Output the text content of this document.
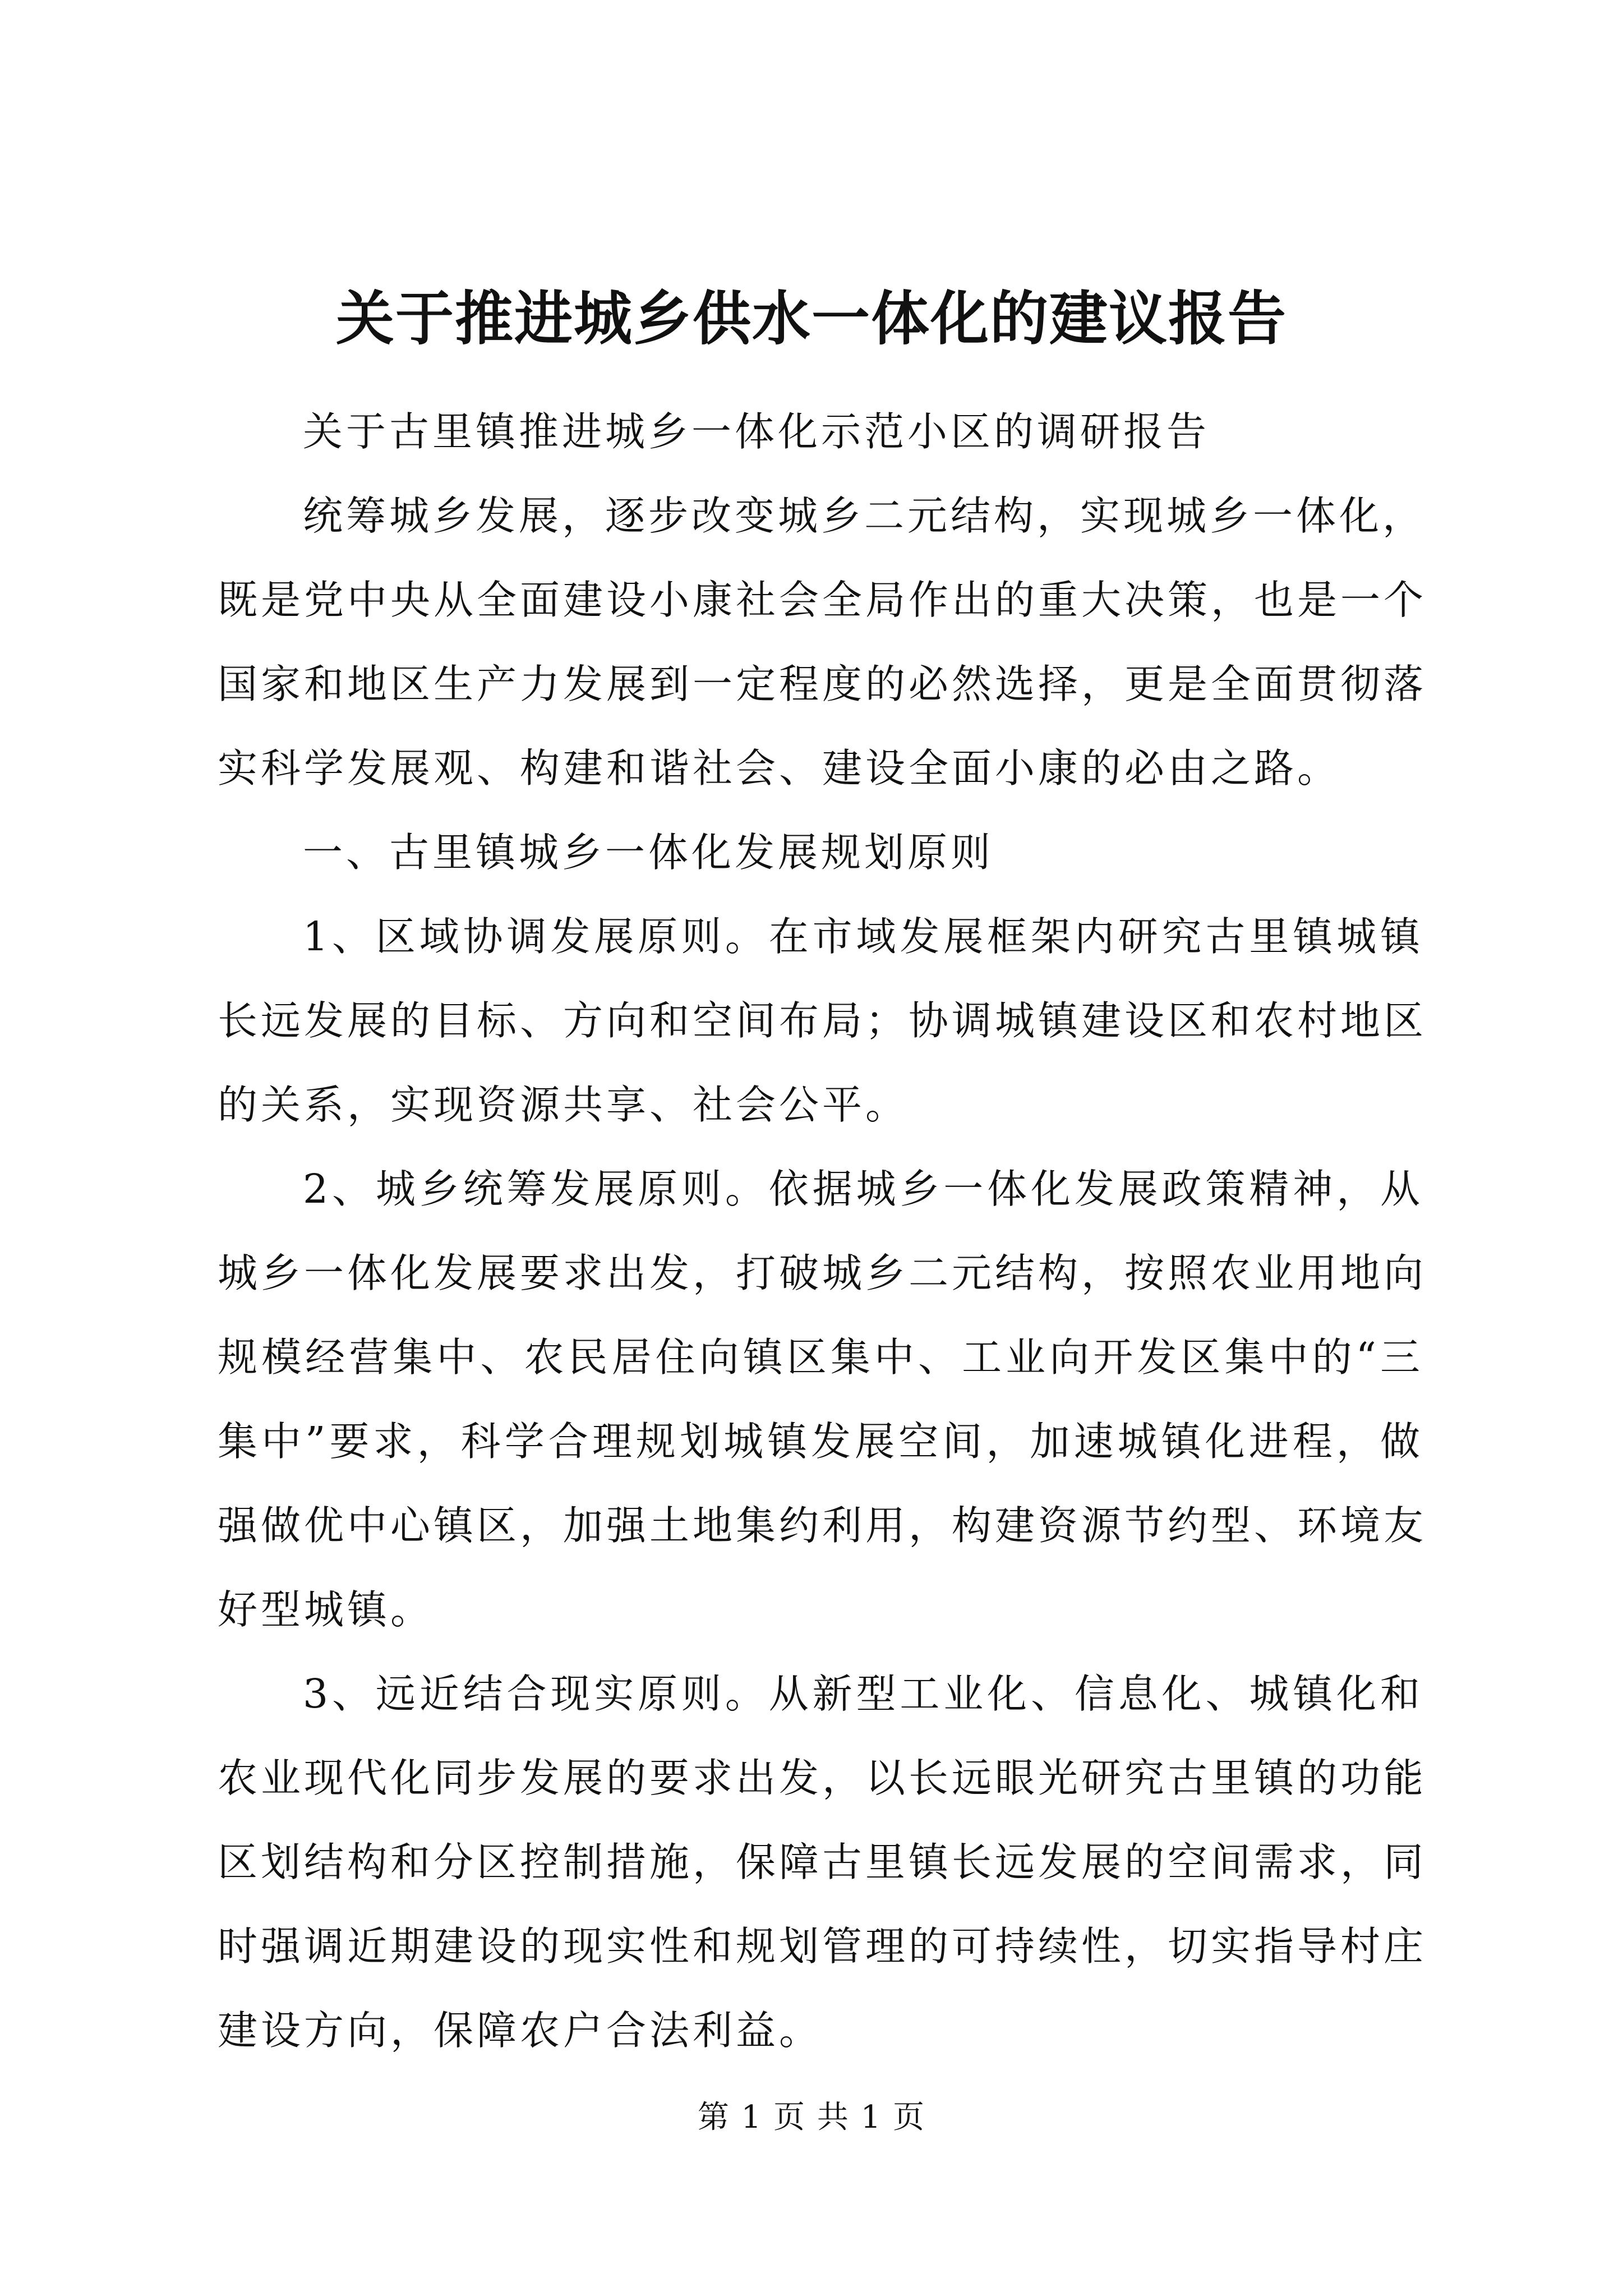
关于推进城乡供水一体化的建议报告
关于古里镇推进城乡一体化示范小区的调研报告
统筹城乡发展，逐步改变城乡二元结构，实现城乡一体化，
既是党中央从全面建设小康社会全局作出的重大决策，也是一个
国家和地区生产力发展到一定程度的必然选择，更是全面贯彻落
实科学发展观、构建和谐社会、建设全面小康的必由之路。
一、古里镇城乡一体化发展规划原则
1、区域协调发展原则。在市域发展框架内研究古里镇城镇
长远发展的目标、方向和空间布局；协调城镇建设区和农村地区
的关系，实现资源共享、社会公平。
2、城乡统筹发展原则。依据城乡一体化发展政策精神，从
城乡一体化发展要求出发，打破城乡二元结构，按照农业用地向
规模经营集中、农民居住向镇区集中、工业向开发区集中的“三
集中”要求，科学合理规划城镇发展空间，加速城镇化进程，做
强做优中心镇区，加强土地集约利用，构建资源节约型、环境友
好型城镇。
3、远近结合现实原则。从新型工业化、信息化、城镇化和
农业现代化同步发展的要求出发，以长远眼光研究古里镇的功能
区划结构和分区控制措施，保障古里镇长远发展的空间需求，同
时强调近期建设的现实性和规划管理的可持续性，切实指导村庄
建设方向，保障农户合法利益。
第 1 页 共 1 页
